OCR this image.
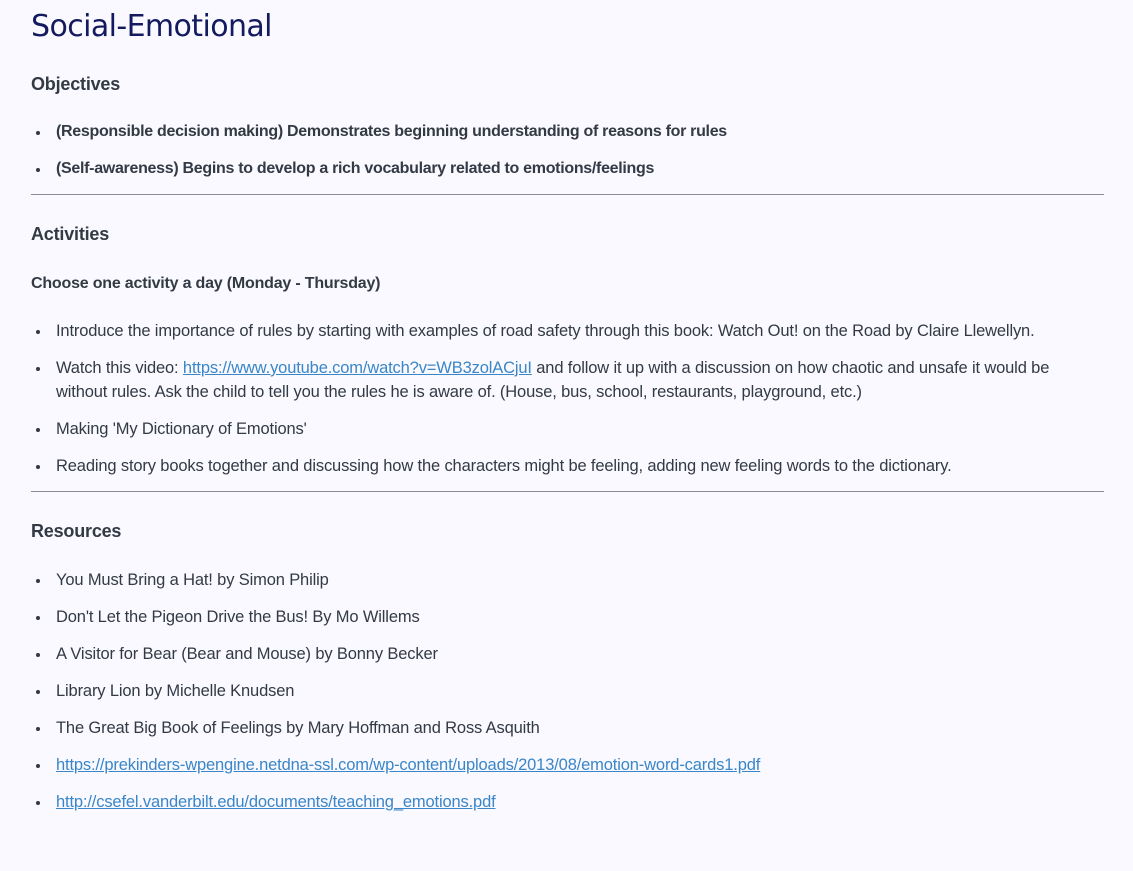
Social-Emotional
Objectives
(Responsible decision making) Demonstrates beginning understanding of reasons for rules
(Self-awareness) Begins to develop a rich vocabulary related to emotions/feelings
Activities

Choose one activity a day (Monday - Thursday)

Introduce the importance of rules by starting with examples of road safety through this book: Watch Out! on the Road by Claire Llewellyn.
Watch this video: https://www.youtube.com/watch?v=WB3zolACjuI and follow it up with a discussion on how chaotic and unsafe it would be without rules. Ask the child to tell you the rules he is aware of. (House, bus, school, restaurants, playground, etc.)
Making 'My Dictionary of Emotions'
Reading story books together and discussing how the characters might be feeling, adding new feeling words to the dictionary.
Resources
You Must Bring a Hat! by Simon Philip
Don't Let the Pigeon Drive the Bus! By Mo Willems
A Visitor for Bear (Bear and Mouse) by Bonny Becker
Library Lion by Michelle Knudsen
The Great Big Book of Feelings by Mary Hoffman and Ross Asquith
https://prekinders-wpengine.netdna-ssl.com/wp-content/uploads/2013/08/emotion-word-cards1.pdf
http://csefel.vanderbilt.edu/documents/teaching_emotions.pdf
